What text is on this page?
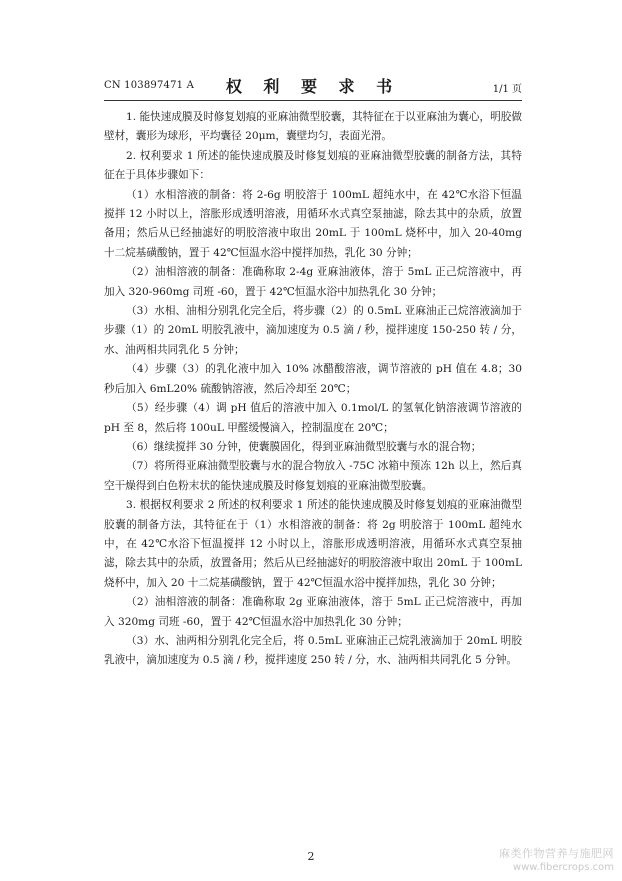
CN 103897471 A	权 利 要 求 书	1/1 页

1. 能快速成膜及时修复划痕的亚麻油微型胶囊，其特征在于以亚麻油为囊心，明胶做壁材，囊形为球形，平均囊径 20μm，囊壁均匀，表面光滑。

2. 权利要求 1 所述的能快速成膜及时修复划痕的亚麻油微型胶囊的制备方法，其特征在于具体步骤如下：

（1）水相溶液的制备：将 2-6g 明胶溶于 100mL 超纯水中，在 42℃水浴下恒温搅拌 12 小时以上，溶胀形成透明溶液，用循环水式真空泵抽滤，除去其中的杂质，放置备用；然后从已经抽滤好的明胶溶液中取出 20mL 于 100mL 烧杯中，加入 20-40mg 十二烷基磺酸钠，置于 42℃恒温水浴中搅拌加热，乳化 30 分钟；

（2）油相溶液的制备：准确称取 2-4g 亚麻油液体，溶于 5mL 正己烷溶液中，再加入 320-960mg 司班 -60，置于 42℃恒温水浴中加热乳化 30 分钟；

（3）水相、油相分别乳化完全后，将步骤（2）的 0.5mL 亚麻油正己烷溶液滴加于步骤（1）的 20mL 明胶乳液中，滴加速度为 0.5 滴 / 秒，搅拌速度 150-250 转 / 分，水、油两相共同乳化 5 分钟；

（4）步骤（3）的乳化液中加入 10% 冰醋酸溶液，调节溶液的 pH 值在 4.8；30 秒后加入 6mL20% 硫酸钠溶液，然后冷却至 20℃；

（5）经步骤（4）调 pH 值后的溶液中加入 0.1mol/L 的氢氧化钠溶液调节溶液的 pH 至 8，然后将 100uL 甲醛缓慢滴入，控制温度在 20℃；

（6）继续搅拌 30 分钟，使囊膜固化，得到亚麻油微型胶囊与水的混合物；

（7）将所得亚麻油微型胶囊与水的混合物放入 -75C 冰箱中预冻 12h 以上，然后真空干燥得到白色粉末状的能快速成膜及时修复划痕的亚麻油微型胶囊。

3. 根据权利要求 2 所述的权利要求 1 所述的能快速成膜及时修复划痕的亚麻油微型胶囊的制备方法，其特征在于（1）水相溶液的制备：将 2g 明胶溶于 100mL 超纯水中，在 42℃水浴下恒温搅拌 12 小时以上，溶胀形成透明溶液，用循环水式真空泵抽滤，除去其中的杂质，放置备用；然后从已经抽滤好的明胶溶液中取出 20mL 于 100mL 烧杯中，加入 20 十二烷基磺酸钠，置于 42℃恒温水浴中搅拌加热，乳化 30 分钟；

（2）油相溶液的制备：准确称取 2g 亚麻油液体，溶于 5mL 正己烷溶液中，再加入 320mg 司班 -60，置于 42℃恒温水浴中加热乳化 30 分钟；

（3）水、油两相分别乳化完全后，将 0.5mL 亚麻油正己烷乳液滴加于 20mL 明胶乳液中，滴加速度为 0.5 滴 / 秒，搅拌速度 250 转 / 分，水、油两相共同乳化 5 分钟。

2	麻类作物营养与施肥网
www.fibercrops.com
